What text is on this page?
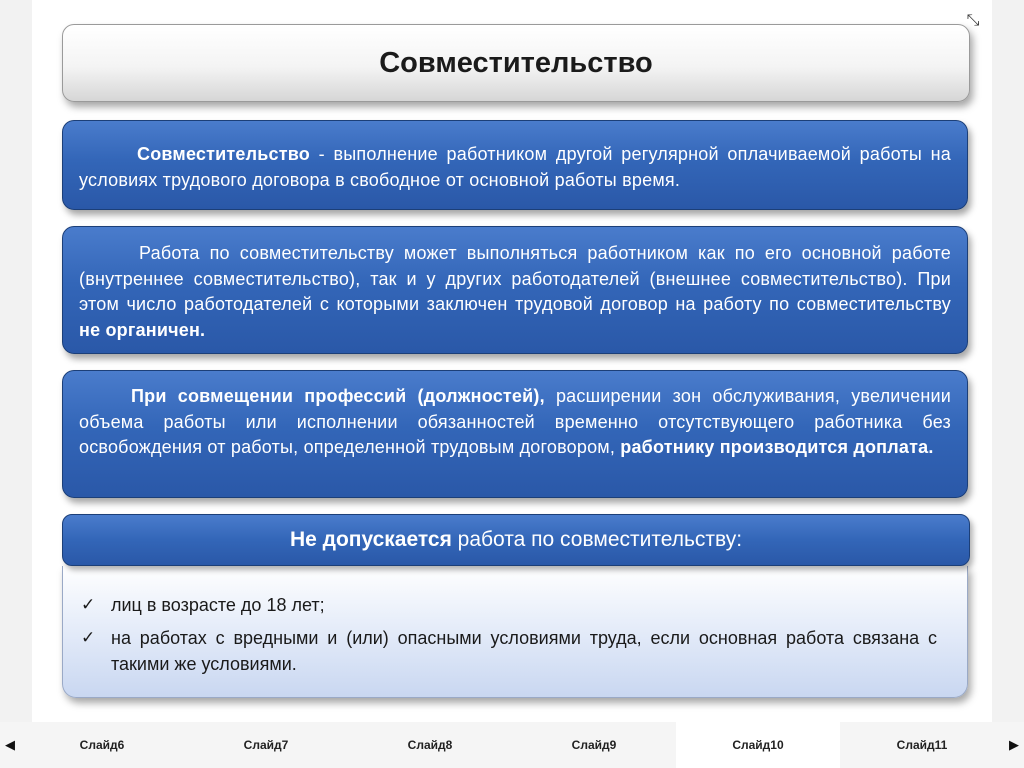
⤡
Совместительство

Совместительство - выполнение работником другой регулярной оплачиваемой работы на условиях трудового договора в свободное от основной работы время.

Работа по совместительству может выполняться работником как по его основной работе (внутреннее совместительство), так и у других работодателей (внешнее совместительство). При этом число работодателей с которыми заключен трудовой договор на работу по совместительству не органичен.

При совмещении профессий (должностей), расширении зон обслуживания, увеличении объема работы или исполнении обязанностей временно отсутствующего работника без освобождения от работы, определенной трудовым договором, работнику производится доплата.

Не допускается работа по совместительству:
✓ лиц в возрасте до 18 лет;
✓ на работах с вредными и (или) опасными условиями труда, если основная работа связана с такими же условиями.
◀	Слайд6	Слайд7	Слайд8	Слайд9	Слайд10	Слайд11	▶
